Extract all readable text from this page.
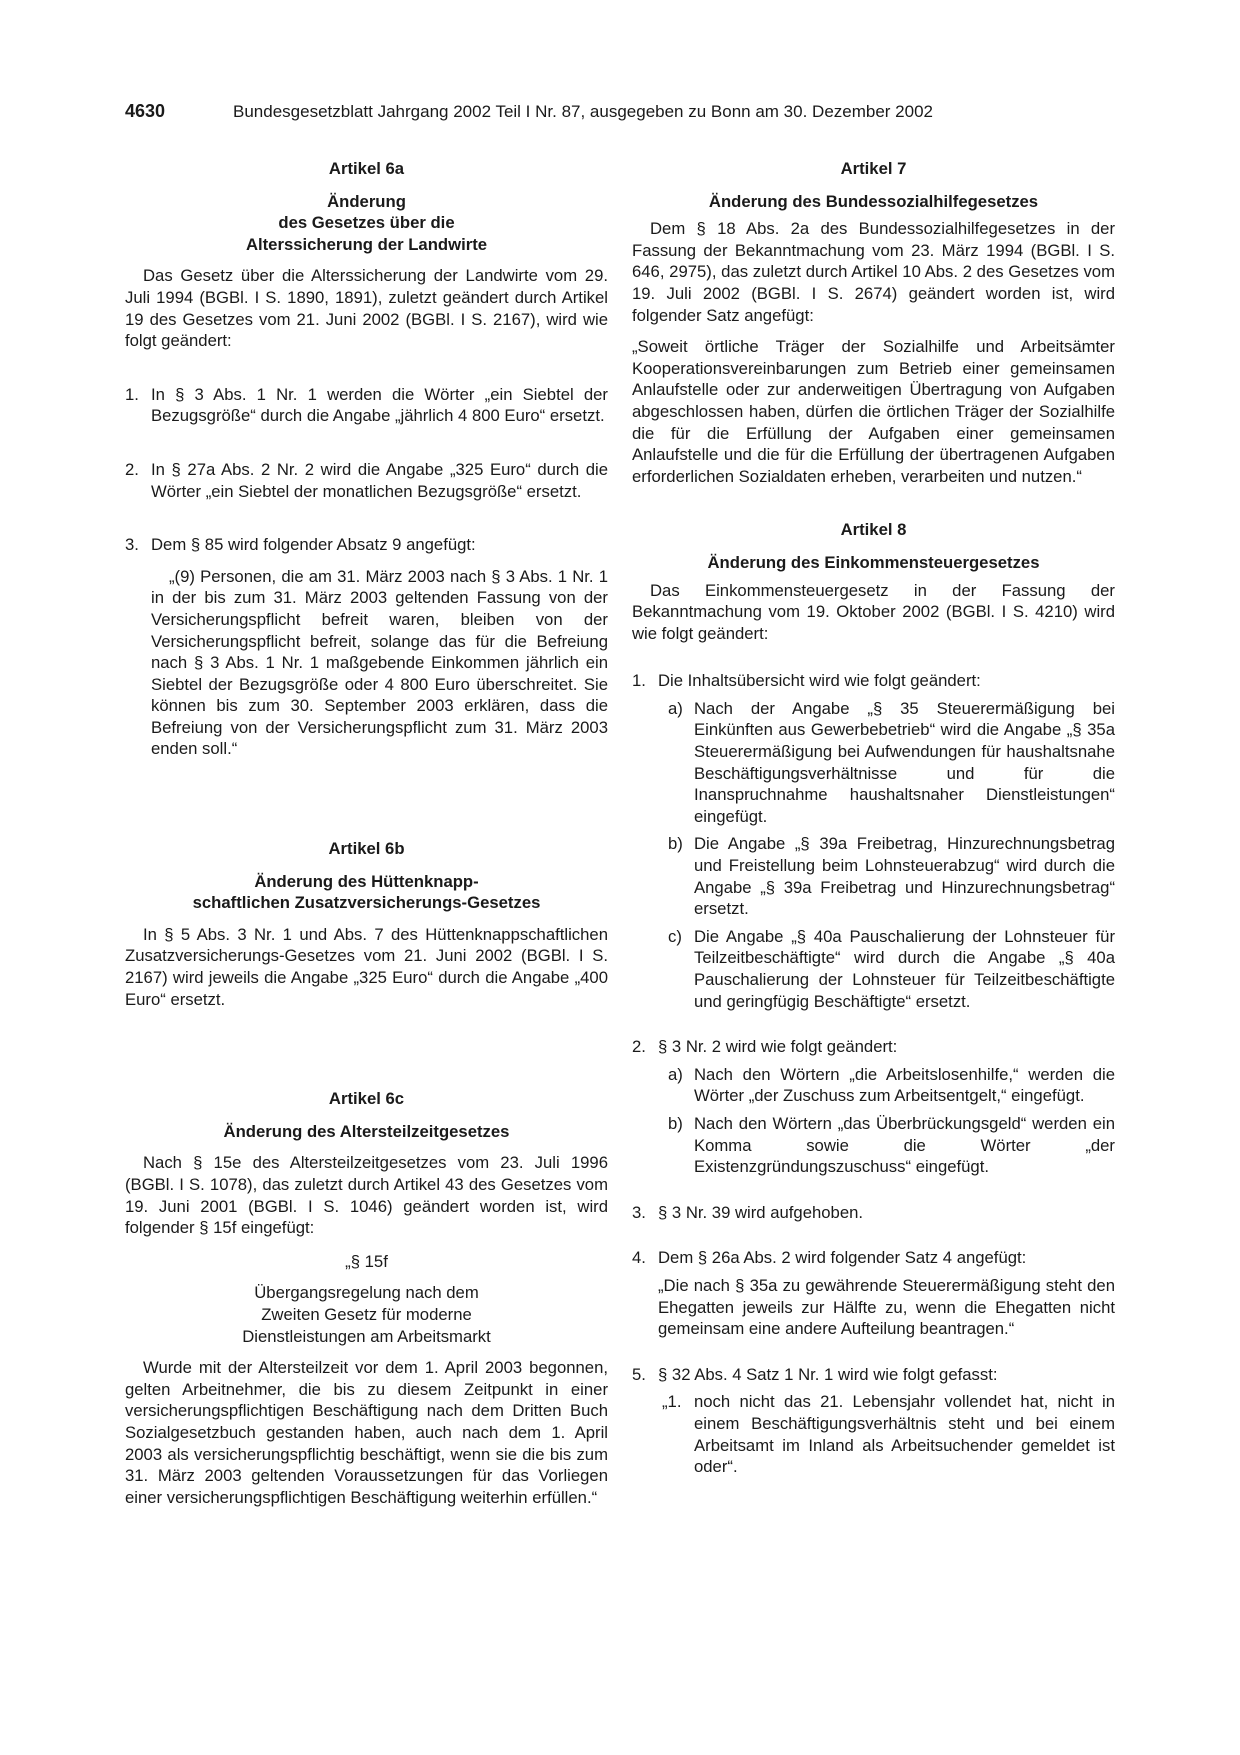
4630	Bundesgesetzblatt Jahrgang 2002 Teil I Nr. 87, ausgegeben zu Bonn am 30. Dezember 2002

Artikel 6a

Änderung
des Gesetzes über die
Alterssicherung der Landwirte

Das Gesetz über die Alterssicherung der Landwirte vom 29. Juli 1994 (BGBl. I S. 1890, 1891), zuletzt geändert durch Artikel 19 des Gesetzes vom 21. Juni 2002 (BGBl. I S. 2167), wird wie folgt geändert:

1. In § 3 Abs. 1 Nr. 1 werden die Wörter „ein Siebtel der Bezugsgröße“ durch die Angabe „jährlich 4 800 Euro“ ersetzt.
2. In § 27a Abs. 2 Nr. 2 wird die Angabe „325 Euro“ durch die Wörter „ein Siebtel der monatlichen Bezugsgröße“ ersetzt.
3. Dem § 85 wird folgender Absatz 9 angefügt:

„(9) Personen, die am 31. März 2003 nach § 3 Abs. 1 Nr. 1 in der bis zum 31. März 2003 geltenden Fassung von der Versicherungspflicht befreit waren, bleiben von der Versicherungspflicht befreit, solange das für die Befreiung nach § 3 Abs. 1 Nr. 1 maßgebende Einkommen jährlich ein Siebtel der Bezugsgröße oder 4 800 Euro überschreitet. Sie können bis zum 30. September 2003 erklären, dass die Befreiung von der Versicherungspflicht zum 31. März 2003 enden soll.“

Artikel 6b

Änderung des Hüttenknapp-
schaftlichen Zusatzversicherungs-Gesetzes

In § 5 Abs. 3 Nr. 1 und Abs. 7 des Hüttenknappschaftlichen Zusatzversicherungs-Gesetzes vom 21. Juni 2002 (BGBl. I S. 2167) wird jeweils die Angabe „325 Euro“ durch die Angabe „400 Euro“ ersetzt.

Artikel 6c

Änderung des Altersteilzeitgesetzes

Nach § 15e des Altersteilzeitgesetzes vom 23. Juli 1996 (BGBl. I S. 1078), das zuletzt durch Artikel 43 des Gesetzes vom 19. Juni 2001 (BGBl. I S. 1046) geändert worden ist, wird folgender § 15f eingefügt:

„§ 15f

Übergangsregelung nach dem
Zweiten Gesetz für moderne
Dienstleistungen am Arbeitsmarkt

Wurde mit der Altersteilzeit vor dem 1. April 2003 begonnen, gelten Arbeitnehmer, die bis zu diesem Zeitpunkt in einer versicherungspflichtigen Beschäftigung nach dem Dritten Buch Sozialgesetzbuch gestanden haben, auch nach dem 1. April 2003 als versicherungspflichtig beschäftigt, wenn sie die bis zum 31. März 2003 geltenden Voraussetzungen für das Vorliegen einer versicherungspflichtigen Beschäftigung weiterhin erfüllen.“

Artikel 7

Änderung des Bundessozialhilfegesetzes

Dem § 18 Abs. 2a des Bundessozialhilfegesetzes in der Fassung der Bekanntmachung vom 23. März 1994 (BGBl. I S. 646, 2975), das zuletzt durch Artikel 10 Abs. 2 des Gesetzes vom 19. Juli 2002 (BGBl. I S. 2674) geändert worden ist, wird folgender Satz angefügt:

„Soweit örtliche Träger der Sozialhilfe und Arbeitsämter Kooperationsvereinbarungen zum Betrieb einer gemeinsamen Anlaufstelle oder zur anderweitigen Übertragung von Aufgaben abgeschlossen haben, dürfen die örtlichen Träger der Sozialhilfe die für die Erfüllung der Aufgaben einer gemeinsamen Anlaufstelle und die für die Erfüllung der übertragenen Aufgaben erforderlichen Sozialdaten erheben, verarbeiten und nutzen.“

Artikel 8

Änderung des Einkommensteuergesetzes

Das Einkommensteuergesetz in der Fassung der Bekanntmachung vom 19. Oktober 2002 (BGBl. I S. 4210) wird wie folgt geändert:

1. Die Inhaltsübersicht wird wie folgt geändert:
a) Nach der Angabe „§ 35 Steuerermäßigung bei Einkünften aus Gewerbebetrieb“ wird die Angabe „§ 35a Steuerermäßigung bei Aufwendungen für haushaltsnahe Beschäftigungsverhältnisse und für die Inanspruchnahme haushaltsnaher Dienstleistungen“ eingefügt.
b) Die Angabe „§ 39a Freibetrag, Hinzurechnungsbetrag und Freistellung beim Lohnsteuerabzug“ wird durch die Angabe „§ 39a Freibetrag und Hinzurechnungsbetrag“ ersetzt.
c) Die Angabe „§ 40a Pauschalierung der Lohnsteuer für Teilzeitbeschäftigte“ wird durch die Angabe „§ 40a Pauschalierung der Lohnsteuer für Teilzeitbeschäftigte und geringfügig Beschäftigte“ ersetzt.
2. § 3 Nr. 2 wird wie folgt geändert:
a) Nach den Wörtern „die Arbeitslosenhilfe,“ werden die Wörter „der Zuschuss zum Arbeitsentgelt,“ eingefügt.
b) Nach den Wörtern „das Überbrückungsgeld“ werden ein Komma sowie die Wörter „der Existenzgründungszuschuss“ eingefügt.
3. § 3 Nr. 39 wird aufgehoben.
4. Dem § 26a Abs. 2 wird folgender Satz 4 angefügt:

„Die nach § 35a zu gewährende Steuerermäßigung steht den Ehegatten jeweils zur Hälfte zu, wenn die Ehegatten nicht gemeinsam eine andere Aufteilung beantragen.“

5. § 32 Abs. 4 Satz 1 Nr. 1 wird wie folgt gefasst:
„1. noch nicht das 21. Lebensjahr vollendet hat, nicht in einem Beschäftigungsverhältnis steht und bei einem Arbeitsamt im Inland als Arbeitsuchender gemeldet ist oder“.
